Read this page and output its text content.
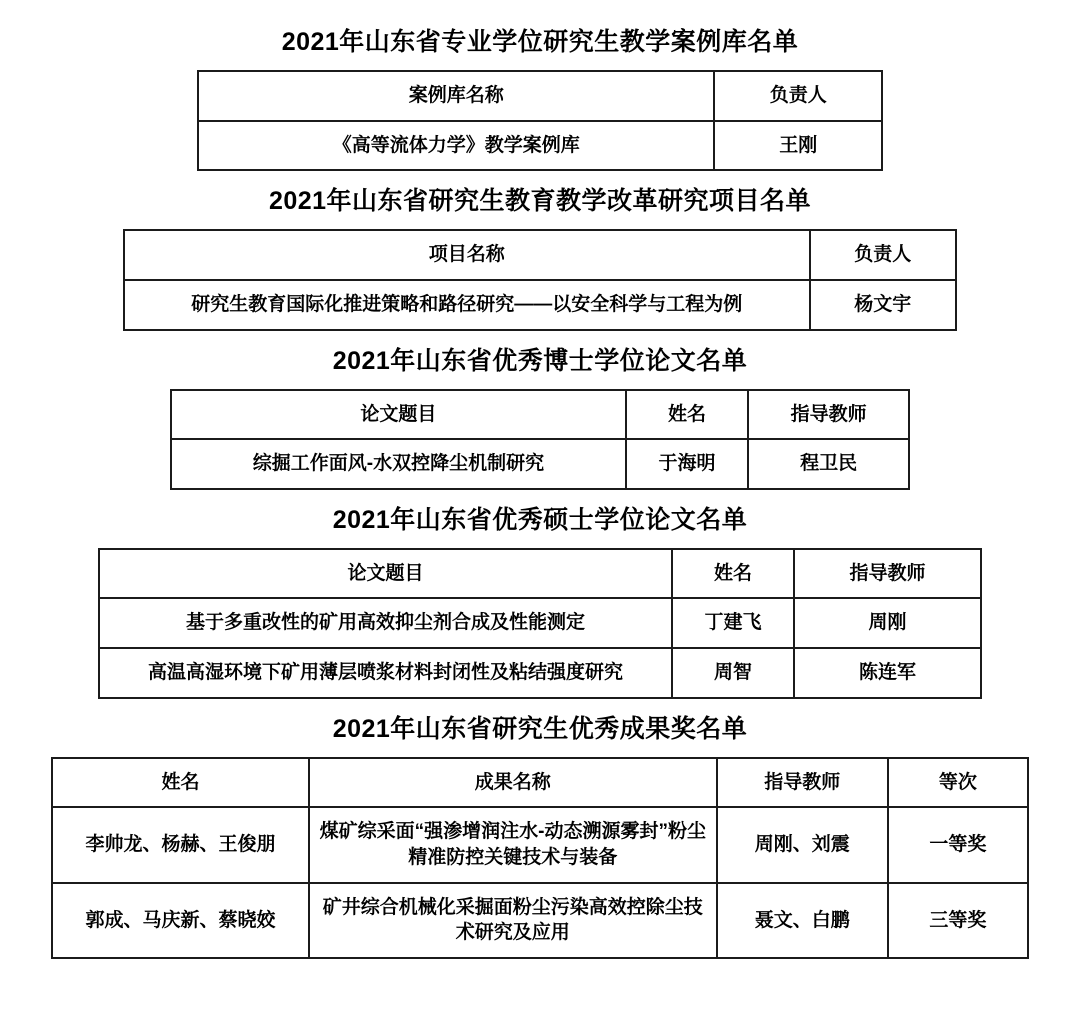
2021年山东省专业学位研究生教学案例库名单
案例库名称	负责人
《高等流体力学》教学案例库	王刚
2021年山东省研究生教育教学改革研究项目名单
项目名称	负责人
研究生教育国际化推进策略和路径研究——以安全科学与工程为例	杨文宇
2021年山东省优秀博士学位论文名单
论文题目	姓名	指导教师
综掘工作面风-水双控降尘机制研究	于海明	程卫民
2021年山东省优秀硕士学位论文名单
论文题目	姓名	指导教师
基于多重改性的矿用高效抑尘剂合成及性能测定	丁建飞	周刚
高温高湿环境下矿用薄层喷浆材料封闭性及粘结强度研究	周智	陈连军
2021年山东省研究生优秀成果奖名单
姓名	成果名称	指导教师	等次
李帅龙、杨赫、王俊朋	煤矿综采面“强渗增润注水-动态溯源雾封”粉尘精准防控关键技术与装备	周刚、刘震	一等奖
郭成、马庆新、蔡晓姣	矿井综合机械化采掘面粉尘污染高效控除尘技术研究及应用	聂文、白鹏	三等奖
